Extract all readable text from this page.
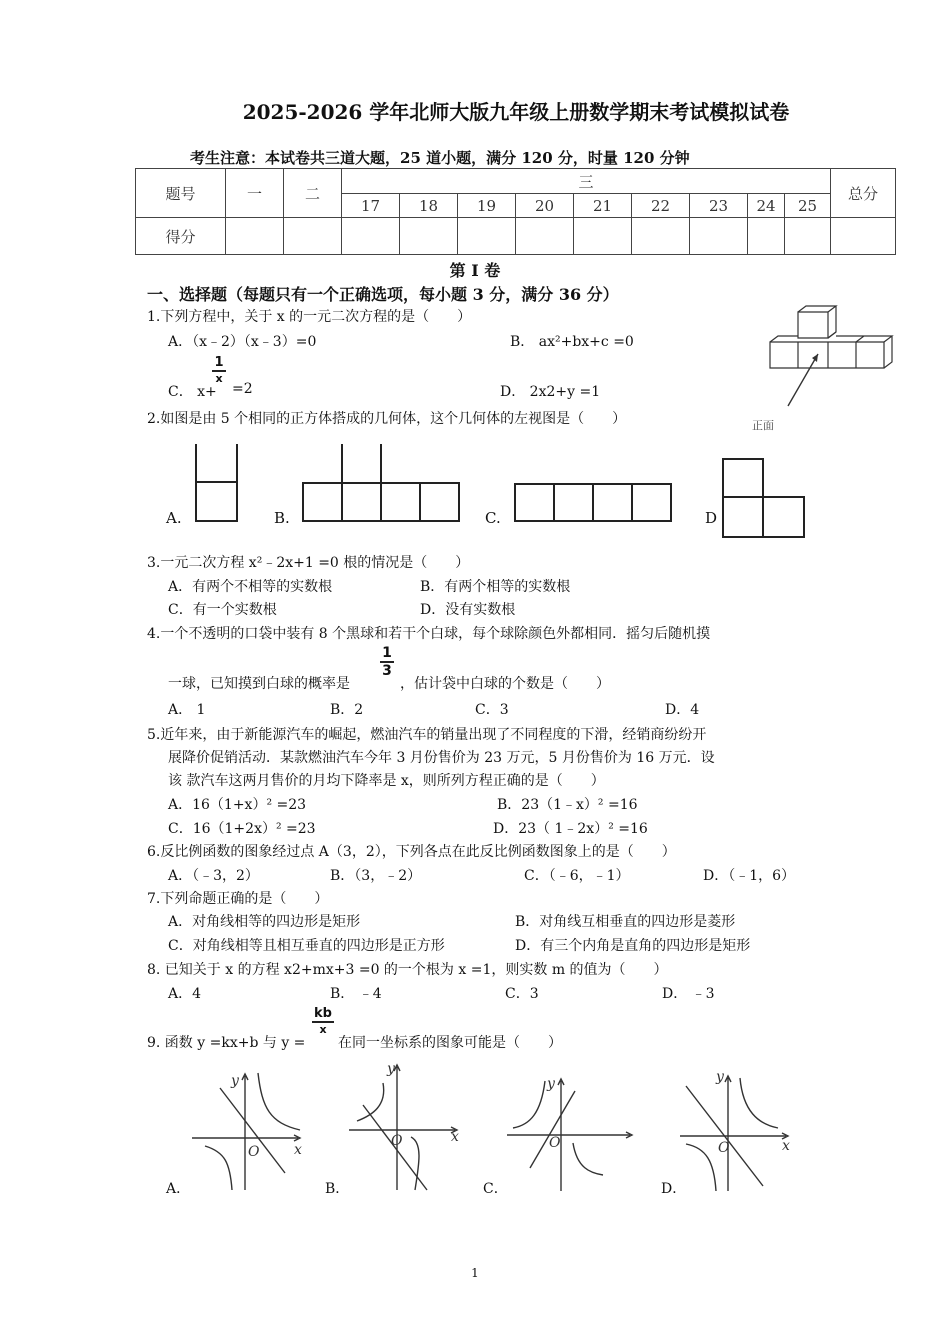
2025-2026 学年北师大版九年级上册数学期末考试模拟试卷
考生注意：本试卷共三道大题，25 道小题，满分 120 分，时量 120 分钟
题号	一	二	三									总分
			17	18	19	20	21	22	23	24	25	
得分												
第 Ⅰ 卷
一、选择题（每题只有一个正确选项，每小题 3 分，满分 36 分）
1.下列方程中，关于 x 的一元二次方程的是（　　）
A．（x﹣2）（x﹣3）=0	B． ax²+bx+c =0
C． x+
1
x
=2	D． 2x2+y =1
正面
2.如图是由 5 个相同的正方体搭成的几何体，这个几何体的左视图是（　　）
A.	B.	C.	D
3.一元二次方程 x²﹣2x+1 =0 根的情况是（　　）
A．有两个不相等的实数根	B．有两个相等的实数根
C．有一个实数根	D．没有实数根
4.一个不透明的口袋中装有 8 个黑球和若干个白球，每个球除颜色外都相同．摇匀后随机摸
一球，已知摸到白球的概率是
1
3
，估计袋中白球的个数是（　　）
A． 1	C．3
B．2	D．4
5.近年来，由于新能源汽车的崛起，燃油汽车的销量出现了不同程度的下滑，经销商纷纷开
展降价促销活动．某款燃油汽车今年 3 月份售价为 23 万元，5 月份售价为 16 万元．设
该 款汽车这两月售价的月均下降率是 x，则所列方程正确的是（　　）
A．16（1+x）² =23	B．23（1﹣x）² =16
C．16（1+2x）² =23	D．23（ 1﹣2x）² =16
6.反比例函数的图象经过点 A（3，2），下列各点在此反比例函数图象上的是（　　）
A．（﹣3，2）	B．（3，﹣2）	C．（﹣6，﹣1）	D．（﹣1，6）
7.下列命题正确的是（　　）
A．对角线相等的四边形是矩形	B．对角线互相垂直的四边形是菱形
C．对角线相等且相互垂直的四边形是正方形	D．有三个内角是直角的四边形是矩形
8. 已知关于 x 的方程 x2+mx+3 =0 的一个根为 x =1，则实数 m 的值为（　　）
A．4	B． ﹣4	C．3	D． ﹣3
9. 函数 y =kx+b 与 y =
kb
x
在同一坐标系的图象可能是（　　）
y
x
O
y
x
O
y
O
y
x
O
A．	B．	C．	D．
1
